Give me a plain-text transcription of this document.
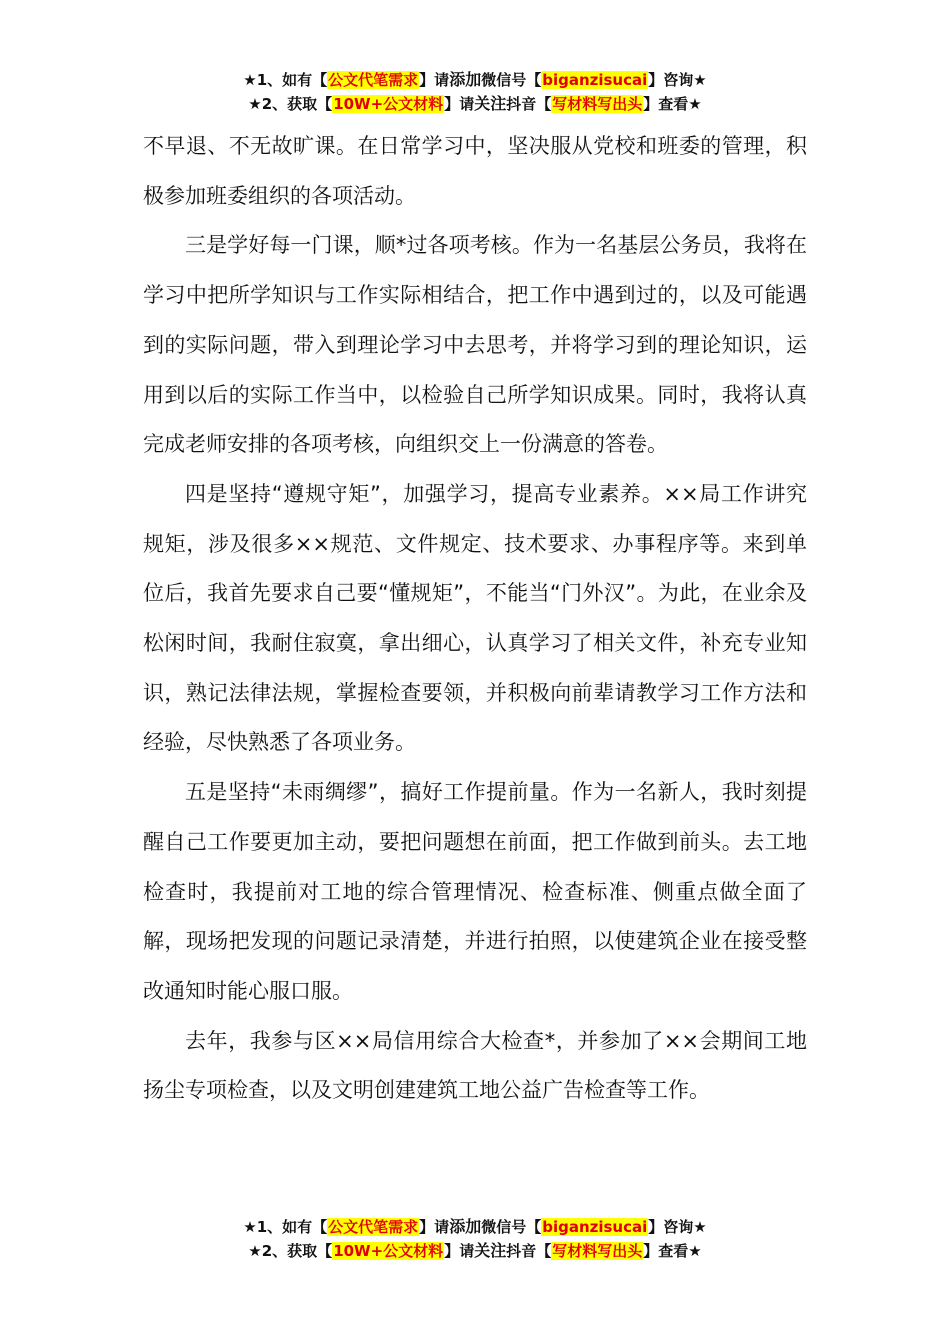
★1、如有【公文代笔需求】请添加微信号【biganzisucai】咨询★
★2、获取【10W+公文材料】请关注抖音【写材料写出头】查看★

不早退、不无故旷课。在日常学习中，坚决服从党校和班委的管理，积极参加班委组织的各项活动。

三是学好每一门课，顺*过各项考核。作为一名基层公务员，我将在学习中把所学知识与工作实际相结合，把工作中遇到过的，以及可能遇到的实际问题，带入到理论学习中去思考，并将学习到的理论知识，运用到以后的实际工作当中，以检验自己所学知识成果。同时，我将认真完成老师安排的各项考核，向组织交上一份满意的答卷。

四是坚持“遵规守矩”，加强学习，提高专业素养。××局工作讲究规矩，涉及很多××规范、文件规定、技术要求、办事程序等。来到单位后，我首先要求自己要“懂规矩”，不能当“门外汉”。为此，在业余及松闲时间，我耐住寂寞，拿出细心，认真学习了相关文件，补充专业知识，熟记法律法规，掌握检查要领，并积极向前辈请教学习工作方法和经验，尽快熟悉了各项业务。

五是坚持“未雨绸缪”，搞好工作提前量。作为一名新人，我时刻提醒自己工作要更加主动，要把问题想在前面，把工作做到前头。去工地检查时，我提前对工地的综合管理情况、检查标准、侧重点做全面了解，现场把发现的问题记录清楚，并进行拍照，以使建筑企业在接受整改通知时能心服口服。

去年，我参与区××局信用综合大检查*，并参加了××会期间工地扬尘专项检查，以及文明创建建筑工地公益广告检查等工作。

★1、如有【公文代笔需求】请添加微信号【biganzisucai】咨询★
★2、获取【10W+公文材料】请关注抖音【写材料写出头】查看★
